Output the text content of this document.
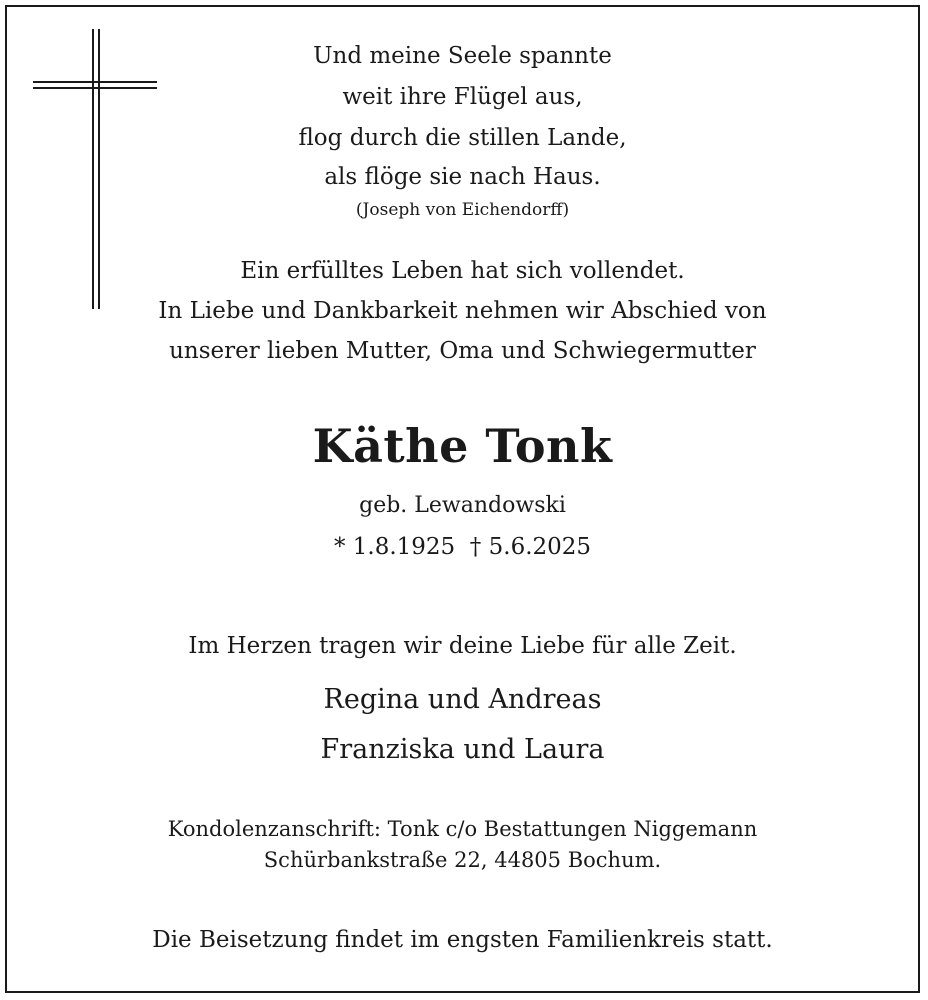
Und meine Seele spannte
weit ihre Flügel aus,
flog durch die stillen Lande,
als flöge sie nach Haus.
(Joseph von Eichendorff)
Ein erfülltes Leben hat sich vollendet.
In Liebe und Dankbarkeit nehmen wir Abschied von
unserer lieben Mutter, Oma und Schwiegermutter
Käthe Tonk
geb. Lewandowski
* 1.8.1925  † 5.6.2025
Im Herzen tragen wir deine Liebe für alle Zeit.
Regina und Andreas
Franziska und Laura
Kondolenzanschrift: Tonk c/o Bestattungen Niggemann
Schürbankstraße 22, 44805 Bochum.
Die Beisetzung findet im engsten Familienkreis statt.
